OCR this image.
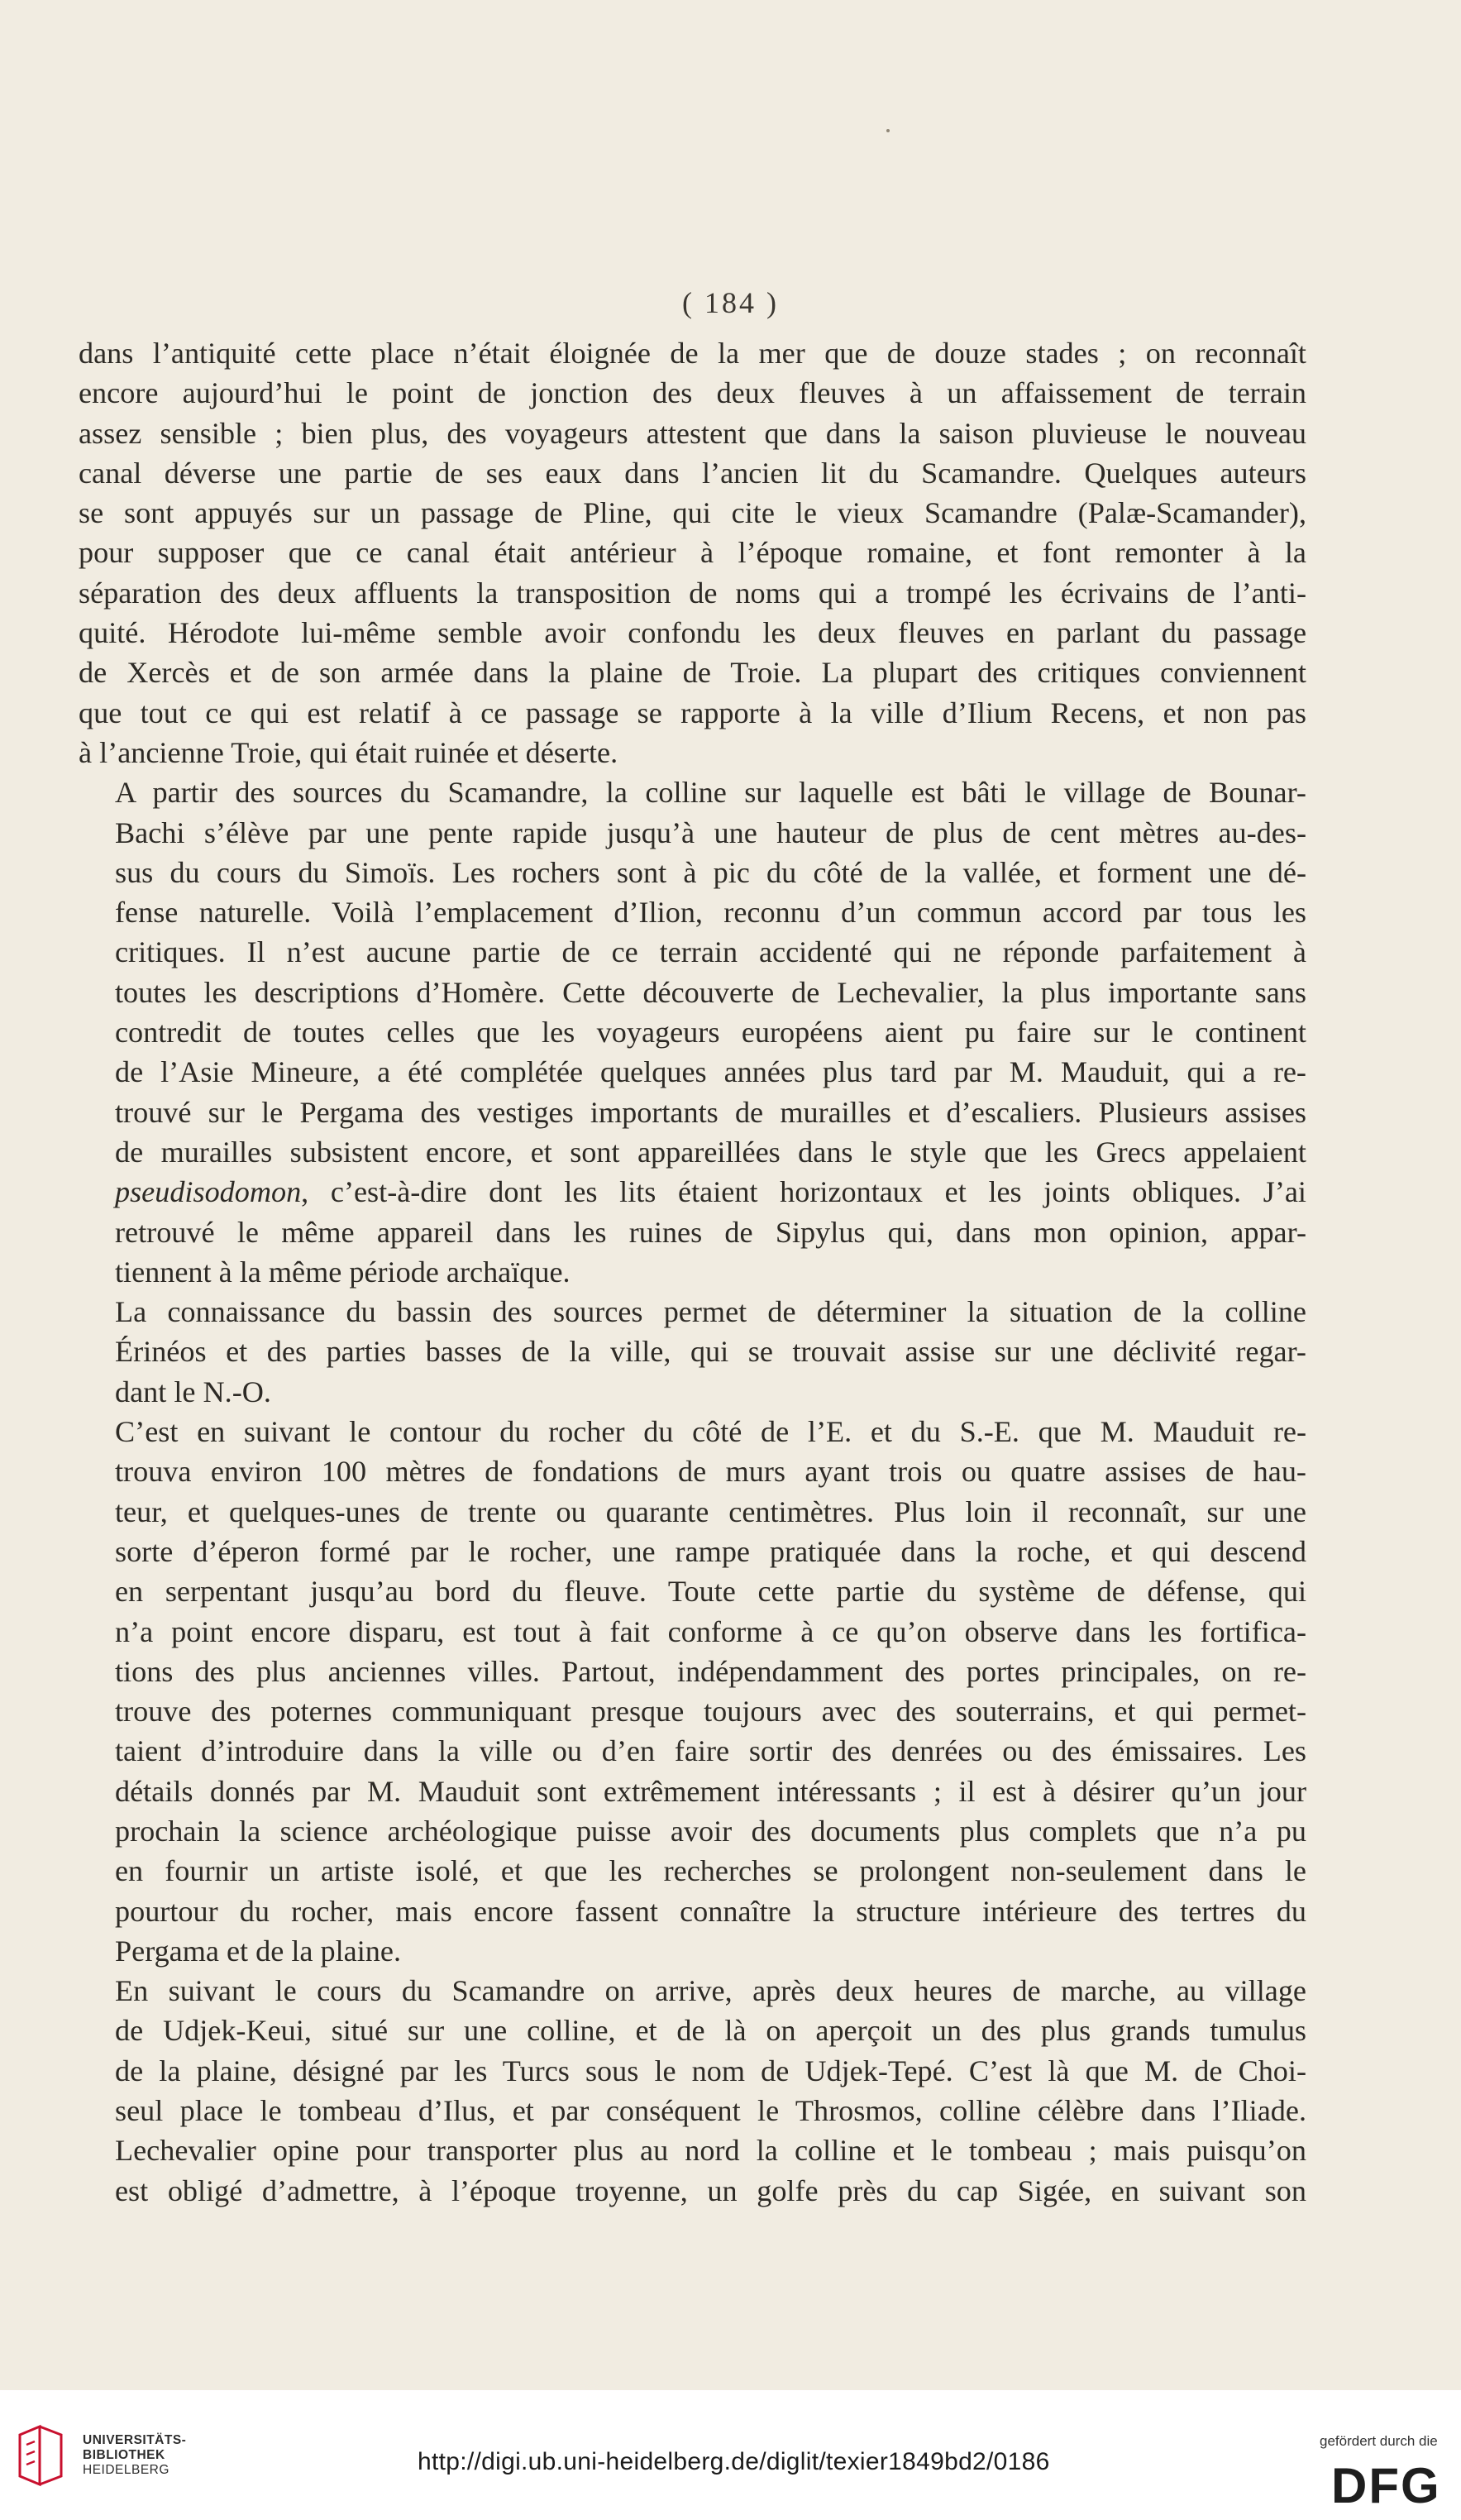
( 184 )

dans l’antiquité cette place n’était éloignée de la mer que de douze stades ; on reconnaît
encore aujourd’hui le point de jonction des deux fleuves à un affaissement de terrain
assez sensible ; bien plus, des voyageurs attestent que dans la saison pluvieuse le nouveau
canal déverse une partie de ses eaux dans l’ancien lit du Scamandre. Quelques auteurs
se sont appuyés sur un passage de Pline, qui cite le vieux Scamandre (Palæ-Scamander),
pour supposer que ce canal était antérieur à l’époque romaine, et font remonter à la
séparation des deux affluents la transposition de noms qui a trompé les écrivains de l’anti-
quité. Hérodote lui-même semble avoir confondu les deux fleuves en parlant du passage
de Xercès et de son armée dans la plaine de Troie. La plupart des critiques conviennent
que tout ce qui est relatif à ce passage se rapporte à la ville d’Ilium Recens, et non pas
à l’ancienne Troie, qui était ruinée et déserte.

A partir des sources du Scamandre, la colline sur laquelle est bâti le village de Bounar-
Bachi s’élève par une pente rapide jusqu’à une hauteur de plus de cent mètres au-des-
sus du cours du Simoïs. Les rochers sont à pic du côté de la vallée, et forment une dé-
fense naturelle. Voilà l’emplacement d’Ilion, reconnu d’un commun accord par tous les
critiques. Il n’est aucune partie de ce terrain accidenté qui ne réponde parfaitement à
toutes les descriptions d’Homère. Cette découverte de Lechevalier, la plus importante sans
contredit de toutes celles que les voyageurs européens aient pu faire sur le continent
de l’Asie Mineure, a été complétée quelques années plus tard par M. Mauduit, qui a re-
trouvé sur le Pergama des vestiges importants de murailles et d’escaliers. Plusieurs assises
de murailles subsistent encore, et sont appareillées dans le style que les Grecs appelaient
pseudisodomon, c’est-à-dire dont les lits étaient horizontaux et les joints obliques. J’ai
retrouvé le même appareil dans les ruines de Sipylus qui, dans mon opinion, appar-
tiennent à la même période archaïque.

La connaissance du bassin des sources permet de déterminer la situation de la colline
Érinéos et des parties basses de la ville, qui se trouvait assise sur une déclivité regar-
dant le N.-O.

C’est en suivant le contour du rocher du côté de l’E. et du S.-E. que M. Mauduit re-
trouva environ 100 mètres de fondations de murs ayant trois ou quatre assises de hau-
teur, et quelques-unes de trente ou quarante centimètres. Plus loin il reconnaît, sur une
sorte d’éperon formé par le rocher, une rampe pratiquée dans la roche, et qui descend
en serpentant jusqu’au bord du fleuve. Toute cette partie du système de défense, qui
n’a point encore disparu, est tout à fait conforme à ce qu’on observe dans les fortifica-
tions des plus anciennes villes. Partout, indépendamment des portes principales, on re-
trouve des poternes communiquant presque toujours avec des souterrains, et qui permet-
taient d’introduire dans la ville ou d’en faire sortir des denrées ou des émissaires. Les
détails donnés par M. Mauduit sont extrêmement intéressants ; il est à désirer qu’un jour
prochain la science archéologique puisse avoir des documents plus complets que n’a pu
en fournir un artiste isolé, et que les recherches se prolongent non-seulement dans le
pourtour du rocher, mais encore fassent connaître la structure intérieure des tertres du
Pergama et de la plaine.

En suivant le cours du Scamandre on arrive, après deux heures de marche, au village
de Udjek-Keui, situé sur une colline, et de là on aperçoit un des plus grands tumulus
de la plaine, désigné par les Turcs sous le nom de Udjek-Tepé. C’est là que M. de Choi-
seul place le tombeau d’Ilus, et par conséquent le Throsmos, colline célèbre dans l’Iliade.
Lechevalier opine pour transporter plus au nord la colline et le tombeau ; mais puisqu’on
est obligé d’admettre, à l’époque troyenne, un golfe près du cap Sigée, en suivant son

UNIVERSITÄTS-
BIBLIOTHEK
HEIDELBERG	http://digi.ub.uni-heidelberg.de/diglit/texier1849bd2/0186
gefördert durch die
DFG
